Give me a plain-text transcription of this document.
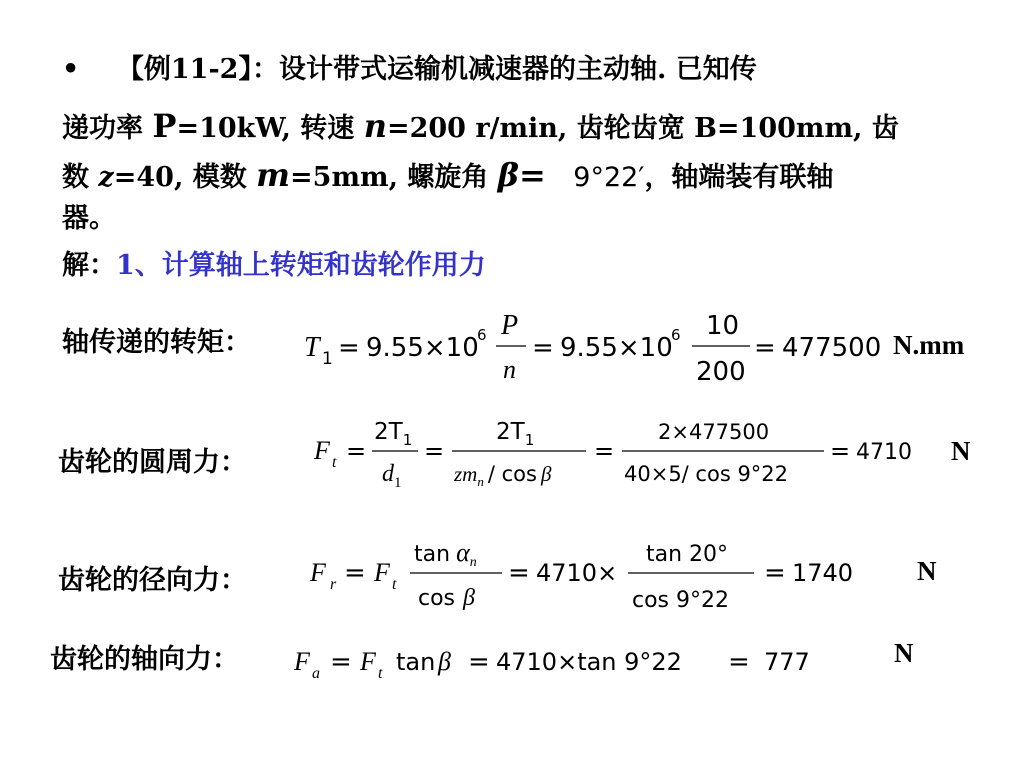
• 【例11-2】：设计带式运输机减速器的主动轴. 已知传
递功率 P=10kW, 转速 n=200 r/min, 齿轮齿宽 B=100mm, 齿
数 z=40, 模数 m=5mm, 螺旋角 β= 9°22′，轴端装有联轴
器。
解：1、计算轴上转矩和齿轮作用力
轴传递的转矩： T 1 = 9.55×10
6 P
n
= 9.55×10
6 10
200
= 477500 N.mm
齿轮的圆周力：	F t =
$2T_1$
$d_1$
=
$2T_1$
$zm_n$ / cos β
=
2×477500
40×5/ cos 9°22
= 4710 N
齿轮的径向力： F r = F t
$\tan \alpha_n$
cos β
= 4710×
tan 20°
cos 9°22
= 1740 N
齿轮的轴向力： F a = F t tan β = 4710×tan 9°22 = 777	N
